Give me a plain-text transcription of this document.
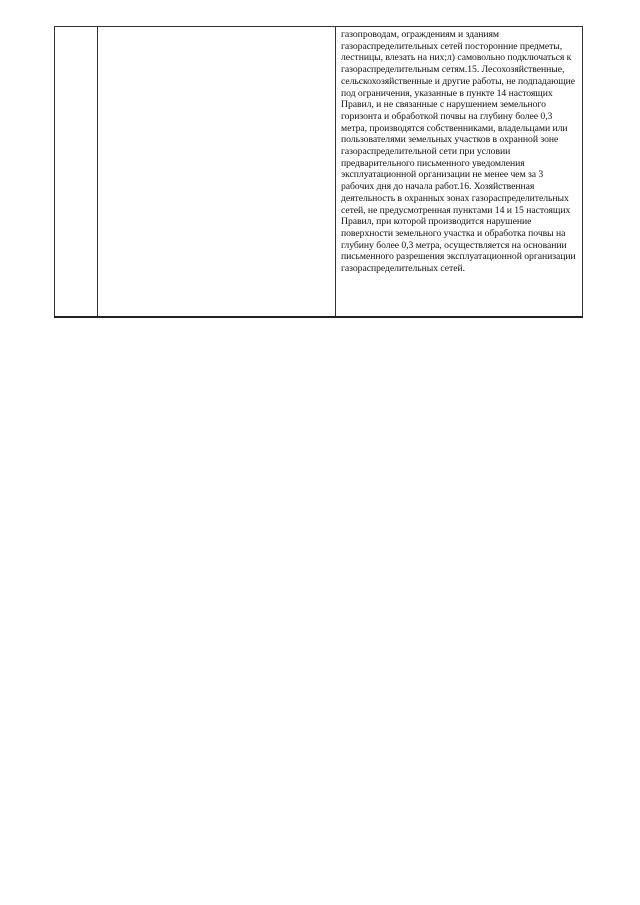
газопроводам, ограждениям и зданиям газораспределительных сетей посторонние предметы, лестницы, влезать на них;л) самовольно подключаться к газораспределительным сетям.15. Лесохозяйственные, сельскохозяйственные и другие работы, не подпадающие под ограничения, указанные в пункте 14 настоящих Правил, и не связанные с нарушением земельного горизонта и обработкой почвы на глубину более 0,3 метра, производятся собственниками, владельцами или пользователями земельных участков в охранной зоне газораспределительной сети при условии предварительного письменного уведомления эксплуатационной организации не менее чем за 3 рабочих дня до начала работ.16. Хозяйственная деятельность в охранных зонах газораспределительных сетей, не предусмотренная пунктами 14 и 15 настоящих Правил, при которой производится нарушение поверхности земельного участка и обработка почвы на глубину более 0,3 метра, осуществляется на основании письменного разрешения эксплуатационной организации газораспределительных сетей.
